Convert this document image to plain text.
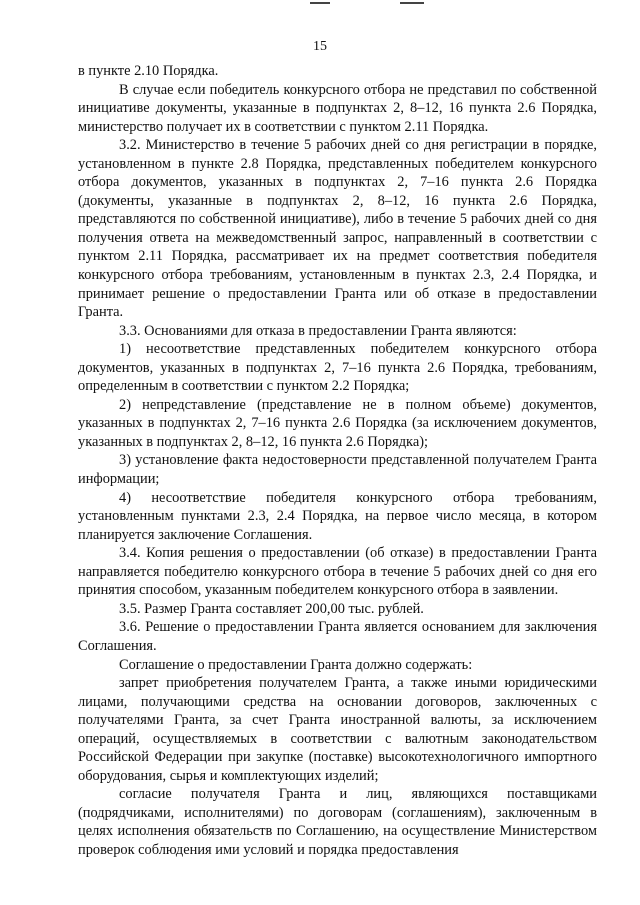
15

в пункте 2.10 Порядка.

В случае если победитель конкурсного отбора не представил по собственной инициативе документы, указанные в подпунктах 2, 8–12, 16 пункта 2.6 Порядка, министерство получает их в соответствии с пунктом 2.11 Порядка.

3.2. Министерство в течение 5 рабочих дней со дня регистрации в порядке, установленном в пункте 2.8 Порядка, представленных победителем конкурсного отбора документов, указанных в подпунктах 2, 7–16 пункта 2.6 Порядка (документы, указанные в подпунктах 2, 8–12, 16 пункта 2.6 Порядка, представляются по собственной инициативе), либо в течение 5 рабочих дней со дня получения ответа на межведомственный запрос, направленный в соответствии с пунктом 2.11 Порядка, рассматривает их на предмет соответствия победителя конкурсного отбора требованиям, установленным в пунктах 2.3, 2.4 Порядка, и принимает решение о предоставлении Гранта или об отказе в предоставлении Гранта.

3.3. Основаниями для отказа в предоставлении Гранта являются:

1) несоответствие представленных победителем конкурсного отбора документов, указанных в подпунктах 2, 7–16 пункта 2.6 Порядка, требованиям, определенным в соответствии с пунктом 2.2 Порядка;

2) непредставление (представление не в полном объеме) документов, указанных в подпунктах 2, 7–16 пункта 2.6 Порядка (за исключением документов, указанных в подпунктах 2, 8–12, 16 пункта 2.6 Порядка);

3) установление факта недостоверности представленной получателем Гранта информации;

4) несоответствие победителя конкурсного отбора требованиям, установленным пунктами 2.3, 2.4 Порядка, на первое число месяца, в котором планируется заключение Соглашения.

3.4. Копия решения о предоставлении (об отказе) в предоставлении Гранта направляется победителю конкурсного отбора в течение 5 рабочих дней со дня его принятия способом, указанным победителем конкурсного отбора в заявлении.

3.5. Размер Гранта составляет 200,00 тыс. рублей.

3.6. Решение о предоставлении Гранта является основанием для заключения Соглашения.

Соглашение о предоставлении Гранта должно содержать:

запрет приобретения получателем Гранта, а также иными юридическими лицами, получающими средства на основании договоров, заключенных с получателями Гранта, за счет Гранта иностранной валюты, за исключением операций, осуществляемых в соответствии с валютным законодательством Российской Федерации при закупке (поставке) высокотехнологичного импортного оборудования, сырья и комплектующих изделий;

согласие получателя Гранта и лиц, являющихся поставщиками (подрядчиками, исполнителями) по договорам (соглашениям), заключенным в целях исполнения обязательств по Соглашению, на осуществление Министерством проверок соблюдения ими условий и порядка предоставления
